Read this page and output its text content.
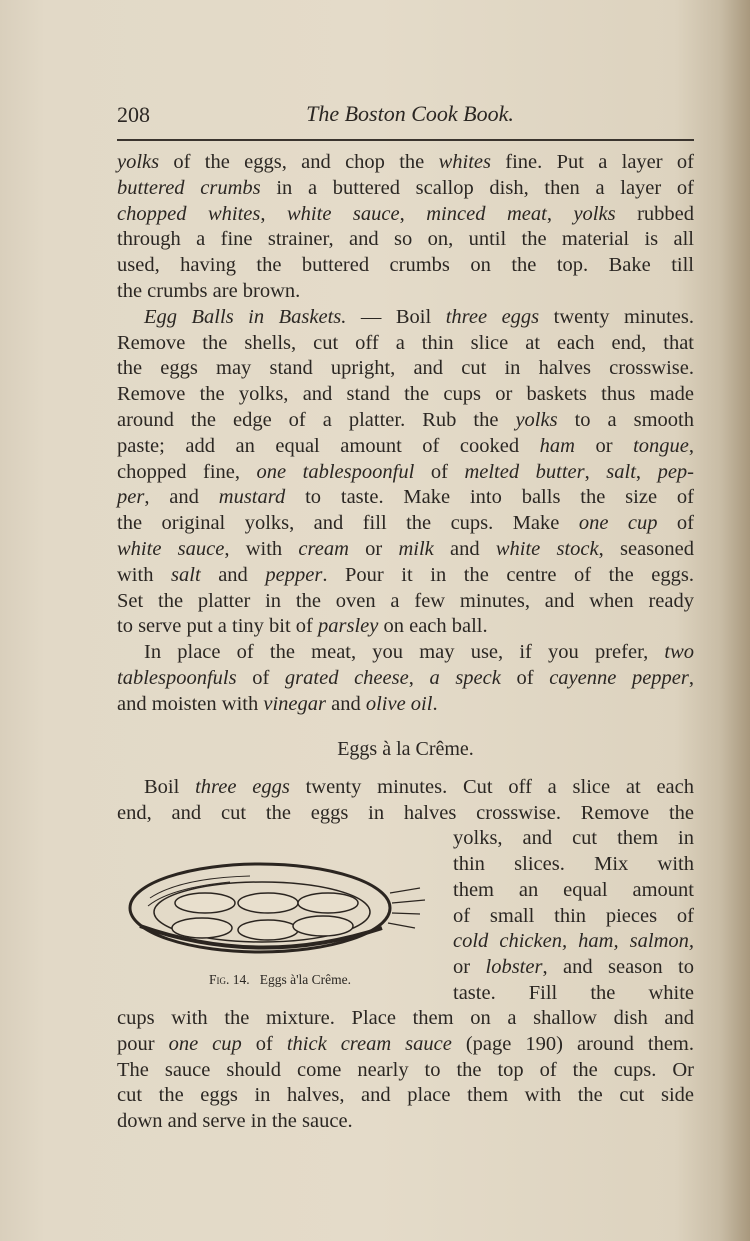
208	The Boston Cook Book.
yolks of the eggs, and chop the whites fine. Put a layer of
buttered crumbs in a buttered scallop dish, then a layer of
chopped whites, white sauce, minced meat, yolks rubbed
through a fine strainer, and so on, until the material is all
used, having the buttered crumbs on the top. Bake till
the crumbs are brown.
Egg Balls in Baskets. — Boil three eggs twenty minutes.
Remove the shells, cut off a thin slice at each end, that
the eggs may stand upright, and cut in halves crosswise.
Remove the yolks, and stand the cups or baskets thus made
around the edge of a platter. Rub the yolks to a smooth
paste; add an equal amount of cooked ham or tongue,
chopped fine, one tablespoonful of melted butter, salt, pep-
per, and mustard to taste. Make into balls the size of
the original yolks, and fill the cups. Make one cup of
white sauce, with cream or milk and white stock, seasoned
with salt and pepper. Pour it in the centre of the eggs.
Set the platter in the oven a few minutes, and when ready
to serve put a tiny bit of parsley on each ball.
In place of the meat, you may use, if you prefer, two
tablespoonfuls of grated cheese, a speck of cayenne pepper,
and moisten with vinegar and olive oil.
Boil three eggs twenty minutes. Cut off a slice at each
end, and cut the eggs in halves crosswise. Remove the
yolks, and cut them in
thin slices. Mix with
them an equal amount
of small thin pieces of
cold chicken, ham, salmon,
or lobster, and season to
taste. Fill the white
cups with the mixture. Place them on a shallow dish and
pour one cup of thick cream sauce (page 190) around them.
The sauce should come nearly to the top of the cups. Or
cut the eggs in halves, and place them with the cut side
down and serve in the sauce.
Eggs à la Crême.
Fig. 14. Eggs à'la Crême.
